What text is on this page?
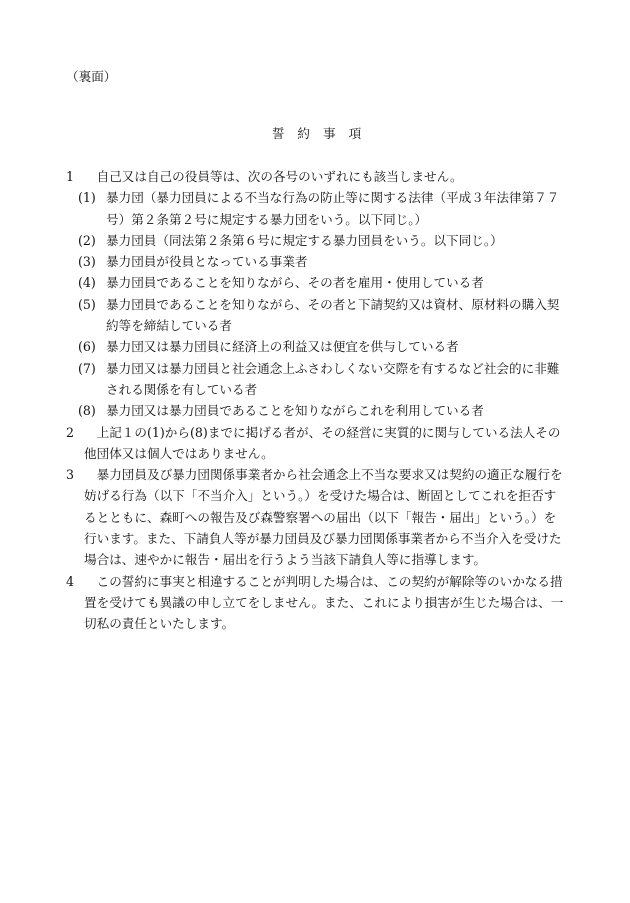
（裏面）
誓約事項
1	自己又は自己の役員等は、次の各号のいずれにも該当しません。
(1) 暴力団（暴力団員による不当な行為の防止等に関する法律（平成３年法律第７７号）第２条第２号に規定する暴力団をいう。以下同じ。）
(2) 暴力団員（同法第２条第６号に規定する暴力団員をいう。以下同じ。）
(3) 暴力団員が役員となっている事業者
(4) 暴力団員であることを知りながら、その者を雇用・使用している者
(5) 暴力団員であることを知りながら、その者と下請契約又は資材、原材料の購入契約等を締結している者
(6) 暴力団又は暴力団員に経済上の利益又は便宜を供与している者
(7) 暴力団又は暴力団員と社会通念上ふさわしくない交際を有するなど社会的に非難される関係を有している者
(8) 暴力団又は暴力団員であることを知りながらこれを利用している者
2	上記１の(1)から(8)までに掲げる者が、その経営に実質的に関与している法人その他団体又は個人ではありません。
3	暴力団員及び暴力団関係事業者から社会通念上不当な要求又は契約の適正な履行を妨げる行為（以下「不当介入」という。）を受けた場合は、断固としてこれを拒否するとともに、森町への報告及び森警察署への届出（以下「報告・届出」という。）を行います。また、下請負人等が暴力団員及び暴力団関係事業者から不当介入を受けた場合は、速やかに報告・届出を行うよう当該下請負人等に指導します。
4	この誓約に事実と相違することが判明した場合は、この契約が解除等のいかなる措置を受けても異議の申し立てをしません。また、これにより損害が生じた場合は、一切私の責任といたします。
